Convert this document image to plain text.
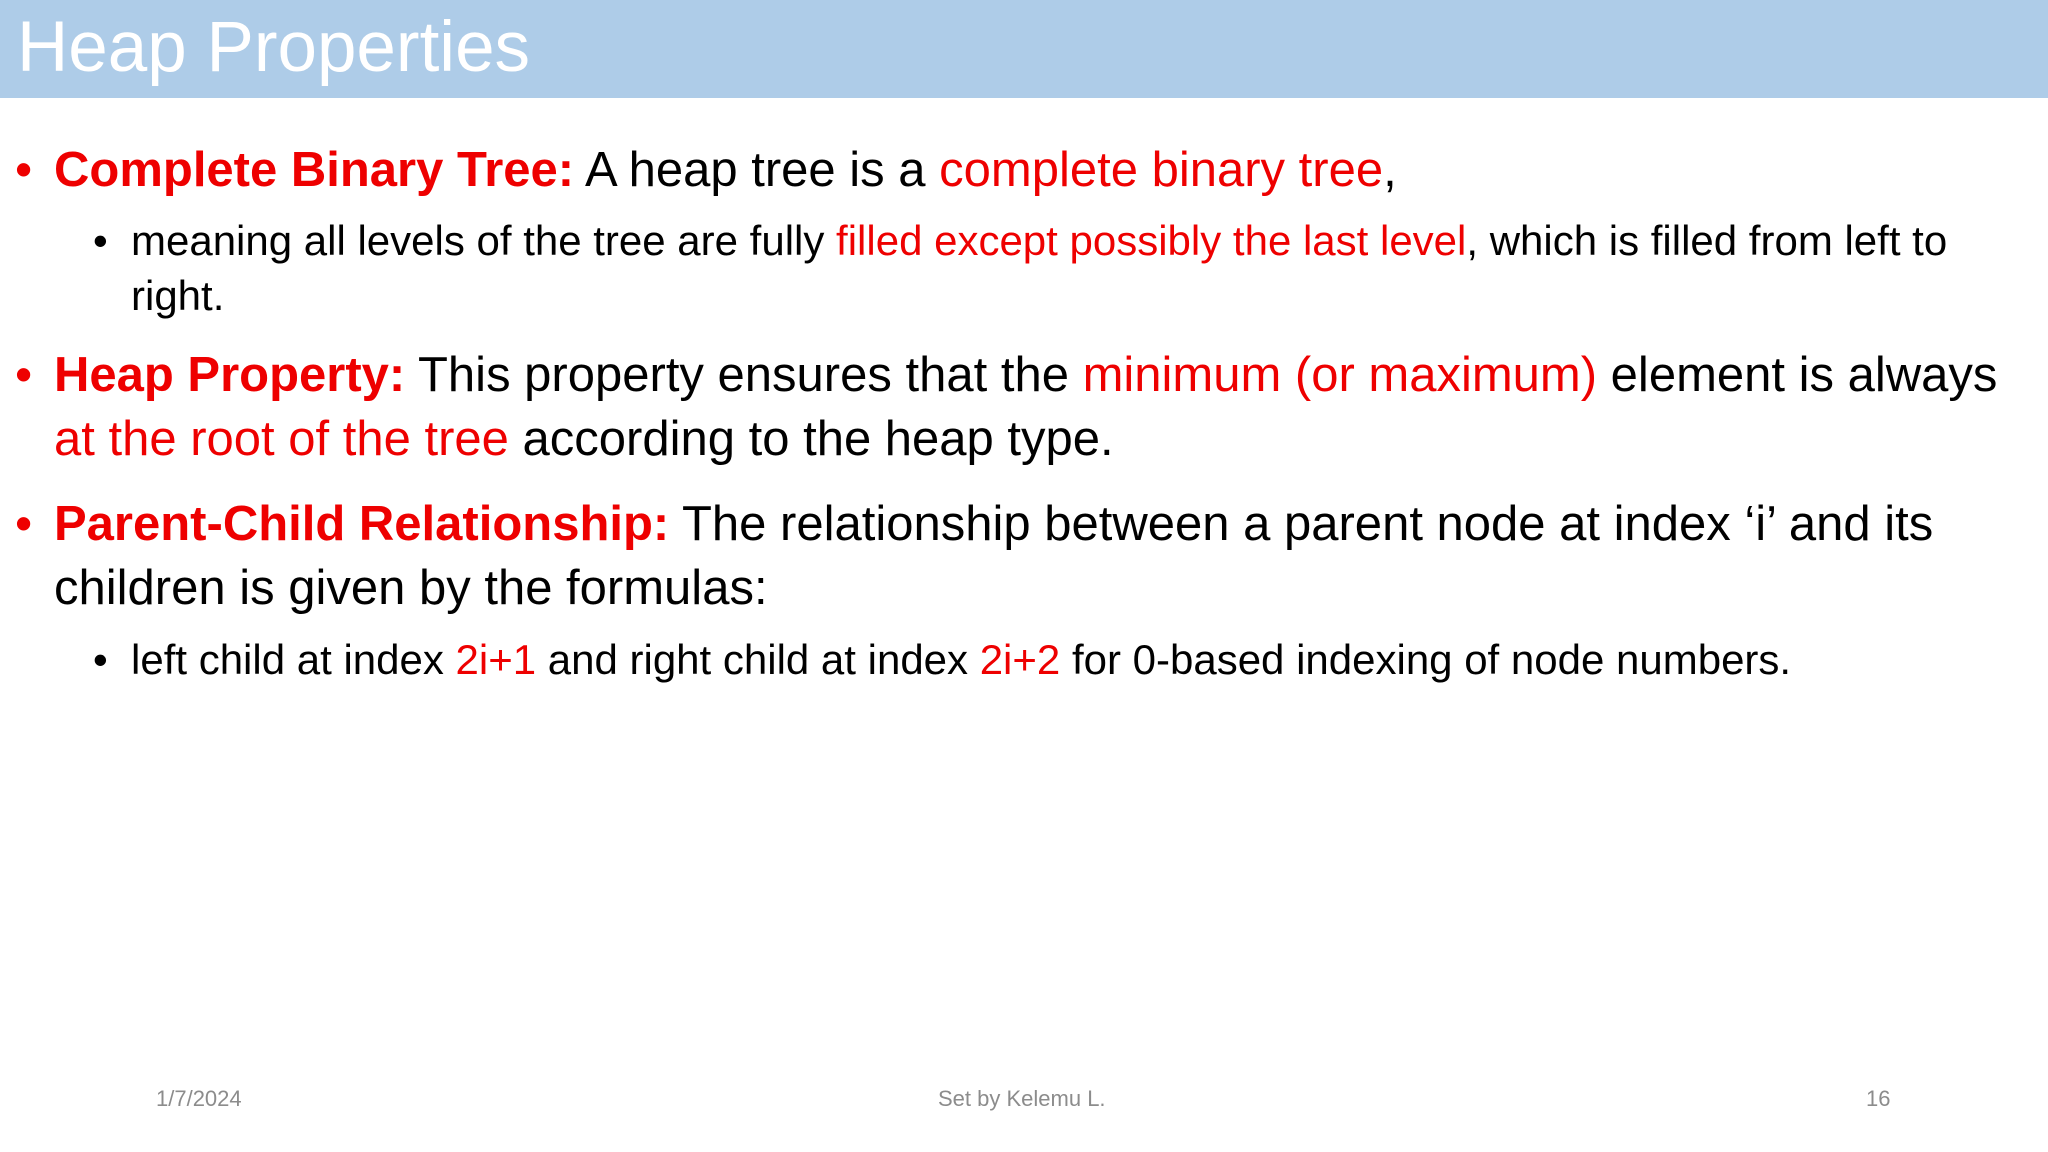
Heap Properties
• Complete Binary Tree: A heap tree is a complete binary tree,
• meaning all levels of the tree are fully filled except possibly the last level, which is filled from left to right.
• Heap Property: This property ensures that the minimum (or maximum) element is always at the root of the tree according to the heap type.
• Parent-Child Relationship: The relationship between a parent node at index ‘i’ and its children is given by the formulas:
• left child at index 2i+1 and right child at index 2i+2 for 0-based indexing of node numbers.
1/7/2024	Set by Kelemu L.	16
